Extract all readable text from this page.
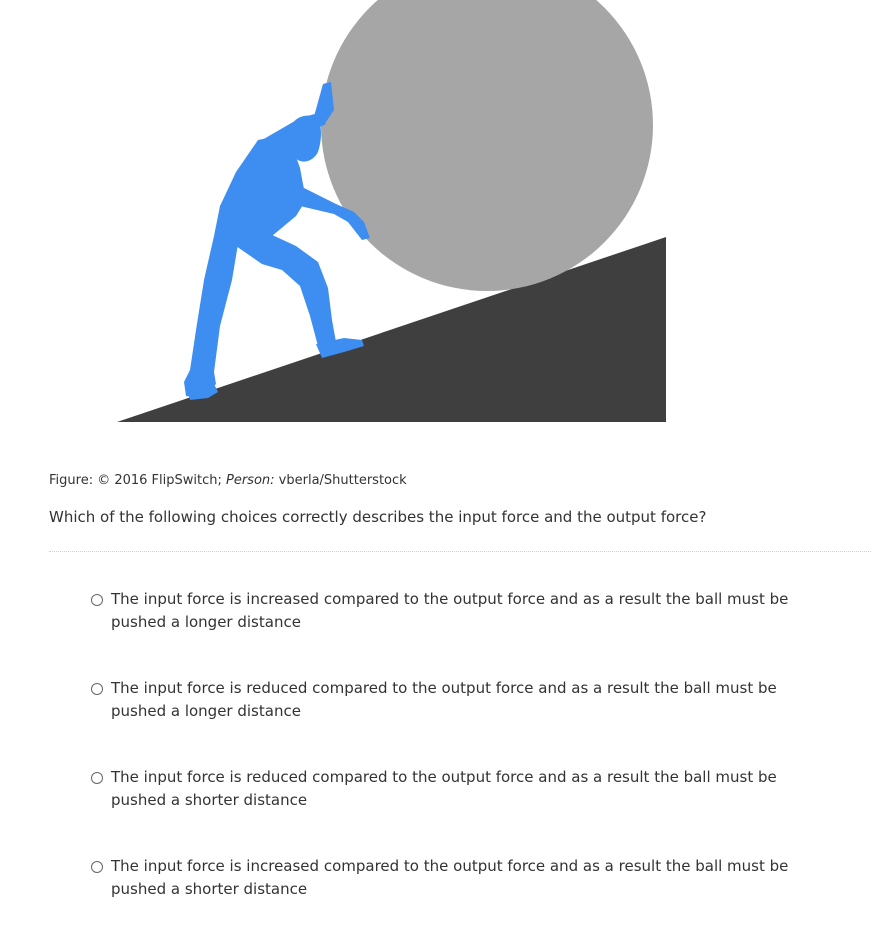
Figure: © 2016 FlipSwitch; Person: vberla/Shutterstock
Which of the following choices correctly describes the input force and the output force?
The input force is increased compared to the output force and as a result the ball must be pushed a longer distance
The input force is reduced compared to the output force and as a result the ball must be pushed a longer distance
The input force is reduced compared to the output force and as a result the ball must be pushed a shorter distance
The input force is increased compared to the output force and as a result the ball must be pushed a shorter distance
